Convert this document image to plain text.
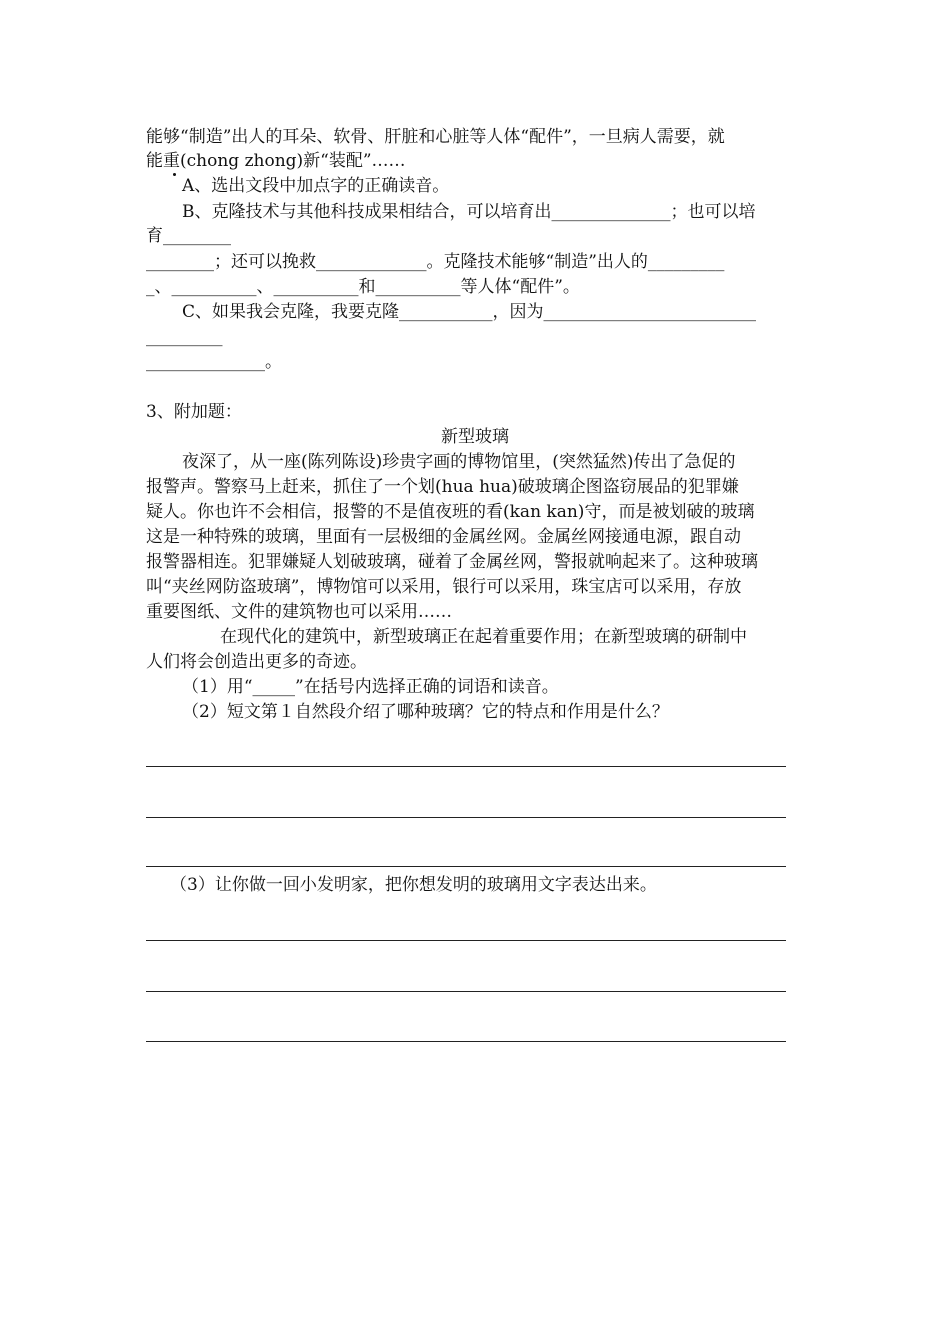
能够“制造”出人的耳朵、软骨、肝脏和心脏等人体“配件”，一旦病人需要，就
能重(chong zhong)新“装配”……
A、选出文段中加点字的正确读音。
B、克隆技术与其他科技成果相结合，可以培育出______________；也可以培
育________
________；还可以挽救_____________。克隆技术能够“制造”出人的_________
_、__________、__________和__________等人体“配件”。
C、如果我会克隆，我要克隆___________，因为_________________________
_________
______________。
3、附加题：
新型玻璃
夜深了，从一座(陈列陈设)珍贵字画的博物馆里，(突然猛然)传出了急促的
报警声。警察马上赶来，抓住了一个划(hua hua)破玻璃企图盗窃展品的犯罪嫌
疑人。你也许不会相信，报警的不是值夜班的看(kan kan)守，而是被划破的玻璃
这是一种特殊的玻璃，里面有一层极细的金属丝网。金属丝网接通电源，跟自动
报警器相连。犯罪嫌疑人划破玻璃，碰着了金属丝网，警报就响起来了。这种玻璃
叫“夹丝网防盗玻璃”，博物馆可以采用，银行可以采用，珠宝店可以采用，存放
重要图纸、文件的建筑物也可以采用……
在现代化的建筑中，新型玻璃正在起着重要作用；在新型玻璃的研制中
人们将会创造出更多的奇迹。
（1）用“_____”在括号内选择正确的词语和读音。
（2）短文第１自然段介绍了哪种玻璃？它的特点和作用是什么？
（3）让你做一回小发明家，把你想发明的玻璃用文字表达出来。
